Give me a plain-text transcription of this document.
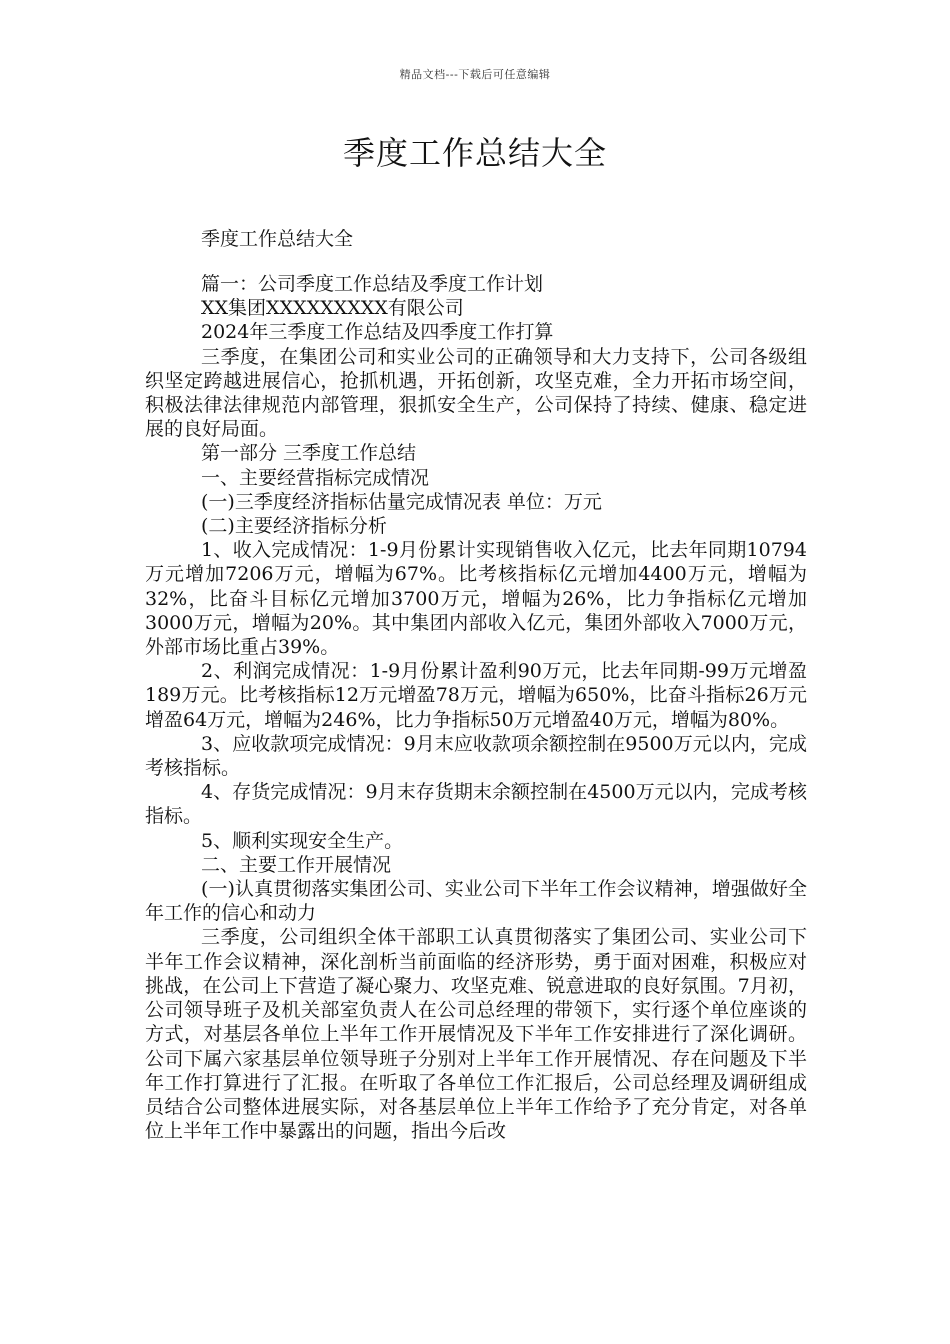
精品文档---下载后可任意编辑
季度工作总结大全

季度工作总结大全

篇一：公司季度工作总结及季度工作计划

XX集团XXXXXXXXX有限公司

2024年三季度工作总结及四季度工作打算

三季度，在集团公司和实业公司的正确领导和大力支持下，公司各级组织坚定跨越进展信心，抢抓机遇，开拓创新，攻坚克难，全力开拓市场空间，积极法律法律规范内部管理，狠抓安全生产，公司保持了持续、健康、稳定进展的良好局面。

第一部分 三季度工作总结

一、主要经营指标完成情况

(一)三季度经济指标估量完成情况表 单位：万元

(二)主要经济指标分析

1、收入完成情况：1-9月份累计实现销售收入亿元，比去年同期10794万元增加7206万元，增幅为67%。比考核指标亿元增加4400万元，增幅为32%，比奋斗目标亿元增加3700万元，增幅为26%，比力争指标亿元增加3000万元，增幅为20%。其中集团内部收入亿元，集团外部收入7000万元，外部市场比重占39%。

2、利润完成情况：1-9月份累计盈利90万元，比去年同期-99万元增盈189万元。比考核指标12万元增盈78万元，增幅为650%，比奋斗指标26万元增盈64万元，增幅为246%，比力争指标50万元增盈40万元，增幅为80%。

3、应收款项完成情况：9月末应收款项余额控制在9500万元以内，完成考核指标。

4、存货完成情况：9月末存货期末余额控制在4500万元以内，完成考核指标。

5、顺利实现安全生产。

二、主要工作开展情况

(一)认真贯彻落实集团公司、实业公司下半年工作会议精神，增强做好全年工作的信心和动力

三季度，公司组织全体干部职工认真贯彻落实了集团公司、实业公司下半年工作会议精神，深化剖析当前面临的经济形势，勇于面对困难，积极应对挑战，在公司上下营造了凝心聚力、攻坚克难、锐意进取的良好氛围。7月初，公司领导班子及机关部室负责人在公司总经理的带领下，实行逐个单位座谈的方式，对基层各单位上半年工作开展情况及下半年工作安排进行了深化调研。公司下属六家基层单位领导班子分别对上半年工作开展情况、存在问题及下半年工作打算进行了汇报。在听取了各单位工作汇报后，公司总经理及调研组成员结合公司整体进展实际，对各基层单位上半年工作给予了充分肯定，对各单位上半年工作中暴露出的问题，指出今后改
